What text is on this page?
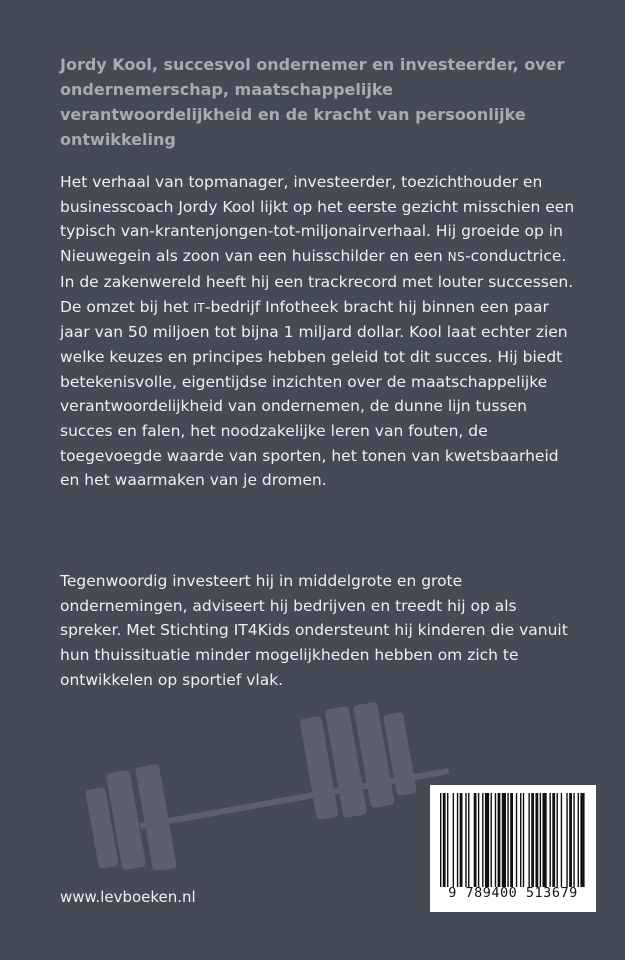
Jordy Kool, succesvol ondernemer en investeerder, over ondernemerschap, maatschappelijke verantwoordelijkheid en de kracht van persoonlijke ontwikkeling

Het verhaal van topmanager, investeerder, toezichthouder en businesscoach Jordy Kool lijkt op het eerste gezicht misschien een typisch van-krantenjongen-tot-miljonairverhaal. Hij groeide op in Nieuwegein als zoon van een huisschilder en een NS-conductrice. In de zakenwereld heeft hij een trackrecord met louter successen. De omzet bij het IT-bedrijf Infotheek bracht hij binnen een paar jaar van 50 miljoen tot bijna 1 miljard dollar. Kool laat echter zien welke keuzes en principes hebben geleid tot dit succes. Hij biedt betekenisvolle, eigentijdse inzichten over de maatschappelijke verantwoordelijkheid van ondernemen, de dunne lijn tussen succes en falen, het noodzakelijke leren van fouten, de toegevoegde waarde van sporten, het tonen van kwetsbaarheid en het waarmaken van je dromen.

Tegenwoordig investeert hij in middelgrote en grote ondernemingen, adviseert hij bedrijven en treedt hij op als spreker. Met Stichting IT4Kids ondersteunt hij kinderen die vanuit hun thuissituatie minder mogelijkheden hebben om zich te ontwikkelen op sportief vlak.

9 789400 513679
www.levboeken.nl
